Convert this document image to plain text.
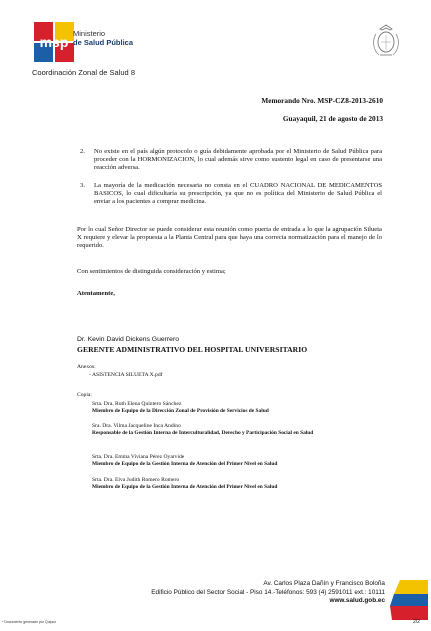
msp
Ministerio
de Salud Pública
Coordinación Zonal de Salud 8
Memorando Nro. MSP-CZ8-2013-2610
Guayaquil, 21 de agosto de 2013
2. No existe en el país algún protocolo o guía debidamente aprobada por el Ministerio de Salud Pública para proceder con la HORMONIZACION, lo cual además sirve como sustento legal en caso de presentarse una reacción adversa.
3. La mayoría de la medicación necesaria no consta en el CUADRO NACIONAL DE MEDICAMENTOS BASICOS, lo cual dificultaría su prescripción, ya que no es política del Ministerio de Salud Pública el enviar a los pacientes a comprar medicina.
Por lo cual Señor Director se puede considerar esta reunión como puerta de entrada a lo que la agrupación Silueta X requiere y elevar la propuesta a la Planta Central para que haya una correcta normatización para el manejo de lo requerido.
Con sentimientos de distinguida consideración y estima;
Atentamente,
Dr. Kevin David Dickens Guerrero
GERENTE ADMINISTRATIVO DEL HOSPITAL UNIVERSITARIO
Anexos:
- ASISTENCIA SILUETA X.pdf
Copia:
Srta. Dra. Ruth Elena Quintero Sánchez
Miembro de Equipo de la Dirección Zonal de Provisión de Servicios de Salud
Sra. Dra. Vilma Jacqueline Inca Andino
Responsable de la Gestión Interna de Interculturalidad, Derecho y Participación Social en Salud
Srta. Dra. Emma Viviana Pérez Oyarvide
Miembro de Equipo de la Gestión Interna de Atención del Primer Nivel en Salud
Srta. Dra. Elva Judith Romero Romero
Miembro de Equipo de la Gestión Interna de Atención del Primer Nivel en Salud
Av. Carlos Plaza Dañín y Francisco Boloña
Edificio Público del Sector Social - Piso 14.-Teléfonos: 593 (4) 2591011 ext.: 10111
www.salud.gob.ec
2/2
* Documento generado por Quipux
